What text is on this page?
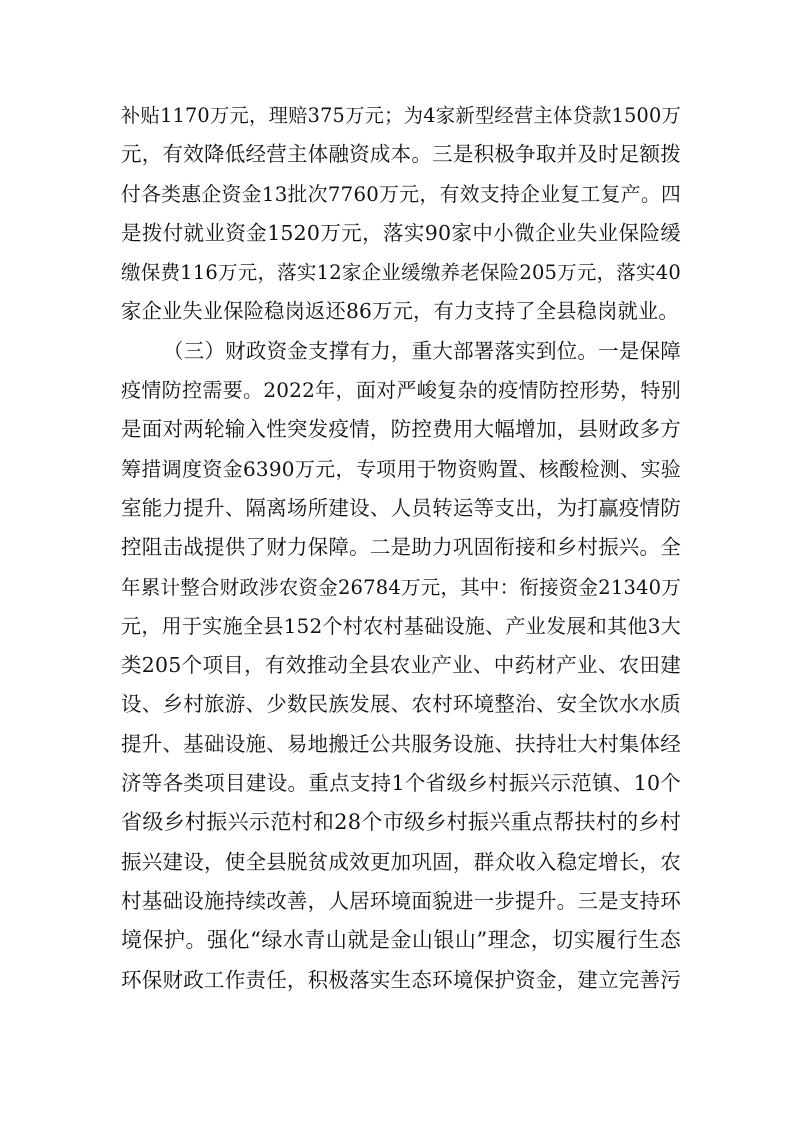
补贴1170万元，理赔375万元；为4家新型经营主体贷款1500万
元，有效降低经营主体融资成本。三是积极争取并及时足额拨
付各类惠企资金13批次7760万元，有效支持企业复工复产。四
是拨付就业资金1520万元，落实90家中小微企业失业保险缓
缴保费116万元，落实12家企业缓缴养老保险205万元，落实40
家企业失业保险稳岗返还86万元，有力支持了全县稳岗就业。
（三）财政资金支撑有力，重大部署落实到位。一是保障
疫情防控需要。2022年，面对严峻复杂的疫情防控形势，特别
是面对两轮输入性突发疫情，防控费用大幅增加，县财政多方
筹措调度资金6390万元，专项用于物资购置、核酸检测、实验
室能力提升、隔离场所建设、人员转运等支出，为打赢疫情防
控阻击战提供了财力保障。二是助力巩固衔接和乡村振兴。全
年累计整合财政涉农资金26784万元，其中：衔接资金21340万
元，用于实施全县152个村农村基础设施、产业发展和其他3大
类205个项目，有效推动全县农业产业、中药材产业、农田建
设、乡村旅游、少数民族发展、农村环境整治、安全饮水水质
提升、基础设施、易地搬迁公共服务设施、扶持壮大村集体经
济等各类项目建设。重点支持1个省级乡村振兴示范镇、10个
省级乡村振兴示范村和28个市级乡村振兴重点帮扶村的乡村
振兴建设，使全县脱贫成效更加巩固，群众收入稳定增长，农
村基础设施持续改善，人居环境面貌进一步提升。三是支持环
境保护。强化“绿水青山就是金山银山”理念，切实履行生态
环保财政工作责任，积极落实生态环境保护资金，建立完善污
